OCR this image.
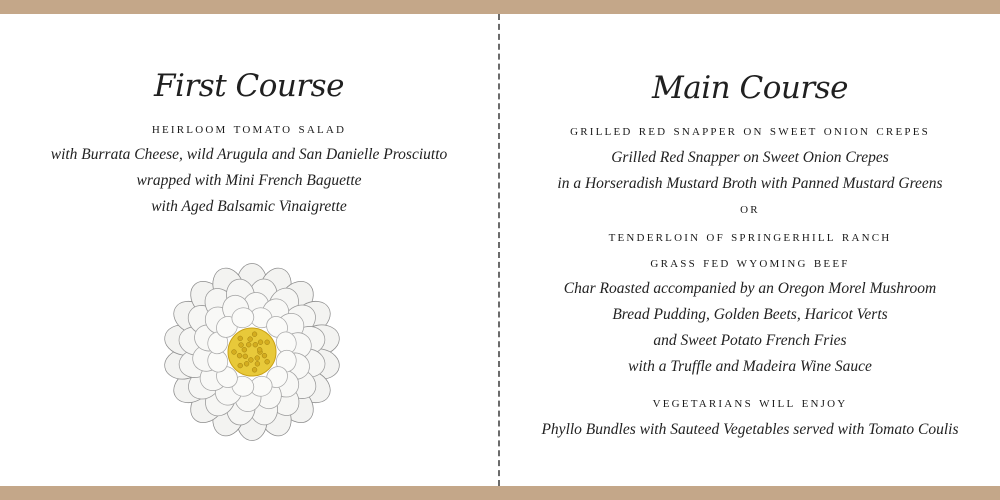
First Course
heirloom tomato salad
with Burrata Cheese, wild Arugula and San Danielle Prosciutto
wrapped with Mini French Baguette
with Aged Balsamic Vinaigrette
Main Course
grilled red snapper on sweet onion crepes
Grilled Red Snapper on Sweet Onion Crepes
in a Horseradish Mustard Broth with Panned Mustard Greens
or
tenderloin of springerhill ranch
grass fed wyoming beef
Char Roasted accompanied by an Oregon Morel Mushroom
Bread Pudding, Golden Beets, Haricot Verts
and Sweet Potato French Fries
with a Truffle and Madeira Wine Sauce
vegetarians will enjoy
Phyllo Bundles with Sauteed Vegetables served with Tomato Coulis
